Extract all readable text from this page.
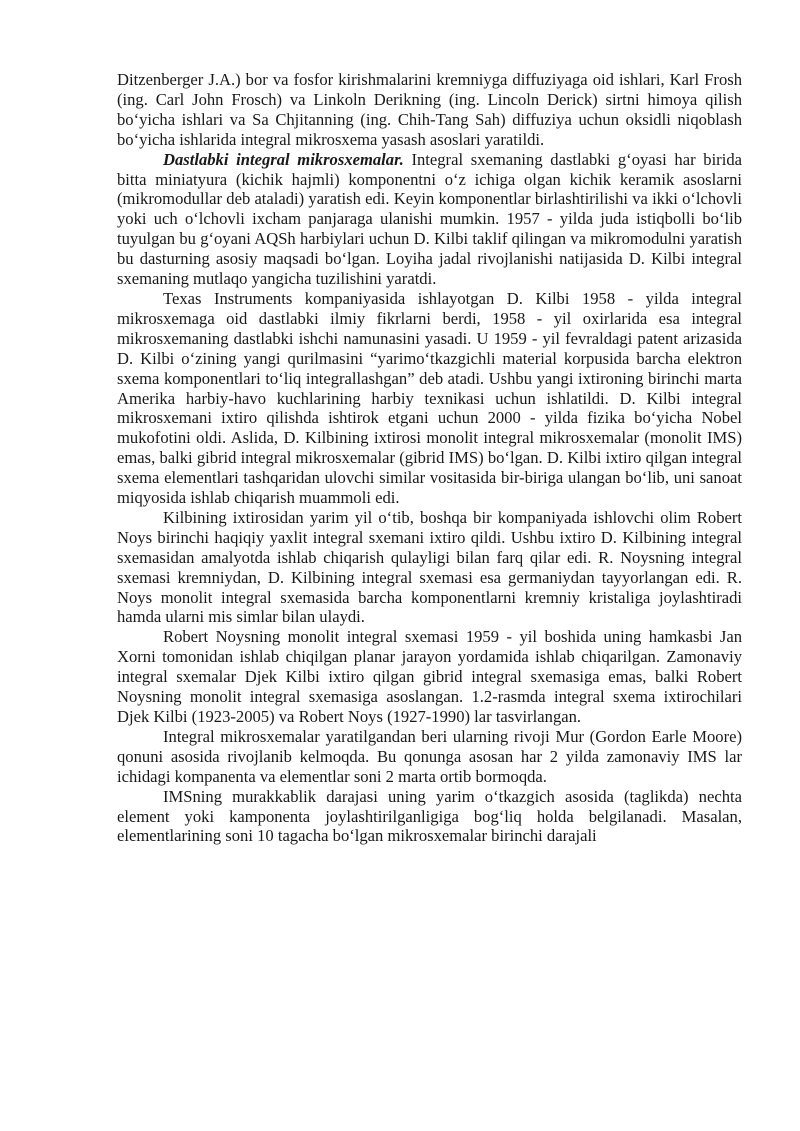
Ditzenberger J.A.) bor va fosfor kirishmalarini kremniyga diffuziyaga oid ishlari, Karl Frosh (ing. Carl John Frosch) va Linkoln Derikning (ing. Lincoln Derick) sirtni himoya qilish bo‘yicha ishlari va Sa Chjitanning (ing. Chih-Tang Sah) diffuziya uchun oksidli niqoblash bo‘yicha ishlarida integral mikrosxema yasash asoslari yaratildi.

Dastlabki integral mikrosxemalar. Integral sxemaning dastlabki g‘oyasi har birida bitta miniatyura (kichik hajmli) komponentni o‘z ichiga olgan kichik keramik asoslarni (mikromodullar deb ataladi) yaratish edi. Keyin komponentlar birlashtirilishi va ikki o‘lchovli yoki uch o‘lchovli ixcham panjaraga ulanishi mumkin. 1957 - yilda juda istiqbolli bo‘lib tuyulgan bu g‘oyani AQSh harbiylari uchun D. Kilbi taklif qilingan va mikromodulni yaratish bu dasturning asosiy maqsadi bo‘lgan. Loyiha jadal rivojlanishi natijasida D. Kilbi integral sxemaning mutlaqo yangicha tuzilishini yaratdi.

Texas Instruments kompaniyasida ishlayotgan D. Kilbi 1958 - yilda integral mikrosxemaga oid dastlabki ilmiy fikrlarni berdi, 1958 - yil oxirlarida esa integral mikrosxemaning dastlabki ishchi namunasini yasadi. U 1959 - yil fevraldagi patent arizasida D. Kilbi o‘zining yangi qurilmasini “yarimo‘tkazgichli material korpusida barcha elektron sxema komponentlari to‘liq integrallashgan” deb atadi. Ushbu yangi ixtironing birinchi marta Amerika harbiy-havo kuchlarining harbiy texnikasi uchun ishlatildi. D. Kilbi integral mikrosxemani ixtiro qilishda ishtirok etgani uchun 2000 - yilda fizika bo‘yicha Nobel mukofotini oldi. Aslida, D. Kilbining ixtirosi monolit integral mikrosxemalar (monolit IMS) emas, balki gibrid integral mikrosxemalar (gibrid IMS) bo‘lgan. D. Kilbi ixtiro qilgan integral sxema elementlari tashqaridan ulovchi similar vositasida bir-biriga ulangan bo‘lib, uni sanoat miqyosida ishlab chiqarish muammoli edi.

Kilbining ixtirosidan yarim yil o‘tib, boshqa bir kompaniyada ishlovchi olim Robert Noys birinchi haqiqiy yaxlit integral sxemani ixtiro qildi. Ushbu ixtiro D. Kilbining integral sxemasidan amalyotda ishlab chiqarish qulayligi bilan farq qilar edi. R. Noysning integral sxemasi kremniydan, D. Kilbining integral sxemasi esa germaniydan tayyorlangan edi. R. Noys monolit integral sxemasida barcha komponentlarni kremniy kristaliga joylashtiradi hamda ularni mis simlar bilan ulaydi.

Robert Noysning monolit integral sxemasi 1959 - yil boshida uning hamkasbi Jan Xorni tomonidan ishlab chiqilgan planar jarayon yordamida ishlab chiqarilgan. Zamonaviy integral sxemalar Djek Kilbi ixtiro qilgan gibrid integral sxemasiga emas, balki Robert Noysning monolit integral sxemasiga asoslangan. 1.2-rasmda integral sxema ixtirochilari Djek Kilbi (1923-2005) va Robert Noys (1927-1990) lar tasvirlangan.

Integral mikrosxemalar yaratilgandan beri ularning rivoji Mur (Gordon Earle Moore) qonuni asosida rivojlanib kelmoqda. Bu qonunga asosan har 2 yilda zamonaviy IMS lar ichidagi kompanenta va elementlar soni 2 marta ortib bormoqda.

IMSning murakkablik darajasi uning yarim o‘tkazgich asosida (taglikda) nechta element yoki kamponenta joylashtirilganligiga bog‘liq holda belgilanadi. Masalan, elementlarining soni 10 tagacha bo‘lgan mikrosxemalar birinchi darajali
